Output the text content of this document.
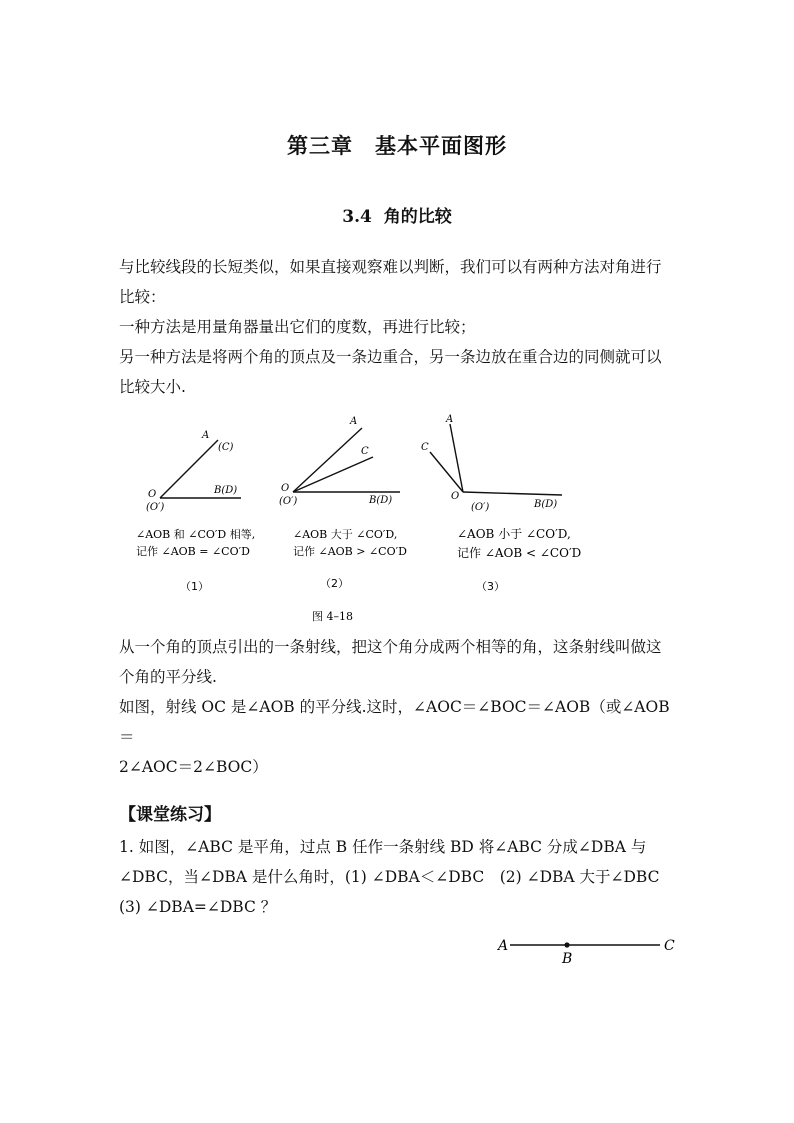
第三章　基本平面图形
3.4  角的比较
与比较线段的长短类似，如果直接观察难以判断，我们可以有两种方法对角进行
比较：
一种方法是用量角器量出它们的度数，再进行比较；
另一种方法是将两个角的顶点及一条边重合，另一条边放在重合边的同侧就可以
比较大小.
A
(C)
O
(O′)
B(D)
∠AOB 和 ∠CO′D 相等,
记作 ∠AOB = ∠CO′D
（1）
A
C
O
(O′)	B(D)
∠AOB 大于 ∠CO′D,
记作 ∠AOB > ∠CO′D
（2）
A
C
O
(O′)	B(D)
∠AOB 小于 ∠CO′D,
记作 ∠AOB < ∠CO′D
（3）
图 4–18
从一个角的顶点引出的一条射线，把这个角分成两个相等的角，这条射线叫做这
个角的平分线.
如图，射线 OC 是∠AOB 的平分线.这时，∠AOC＝∠BOC＝∠AOB（或∠AOB＝
2∠AOC＝2∠BOC）
【课堂练习】
1. 如图，∠ABC 是平角，过点 B 任作一条射线 BD 将∠ABC 分成∠DBA 与
∠DBC，当∠DBA 是什么角时，(1) ∠DBA＜∠DBC　(2) ∠DBA 大于∠DBC
(3) ∠DBA=∠DBC ？
A
B
C
